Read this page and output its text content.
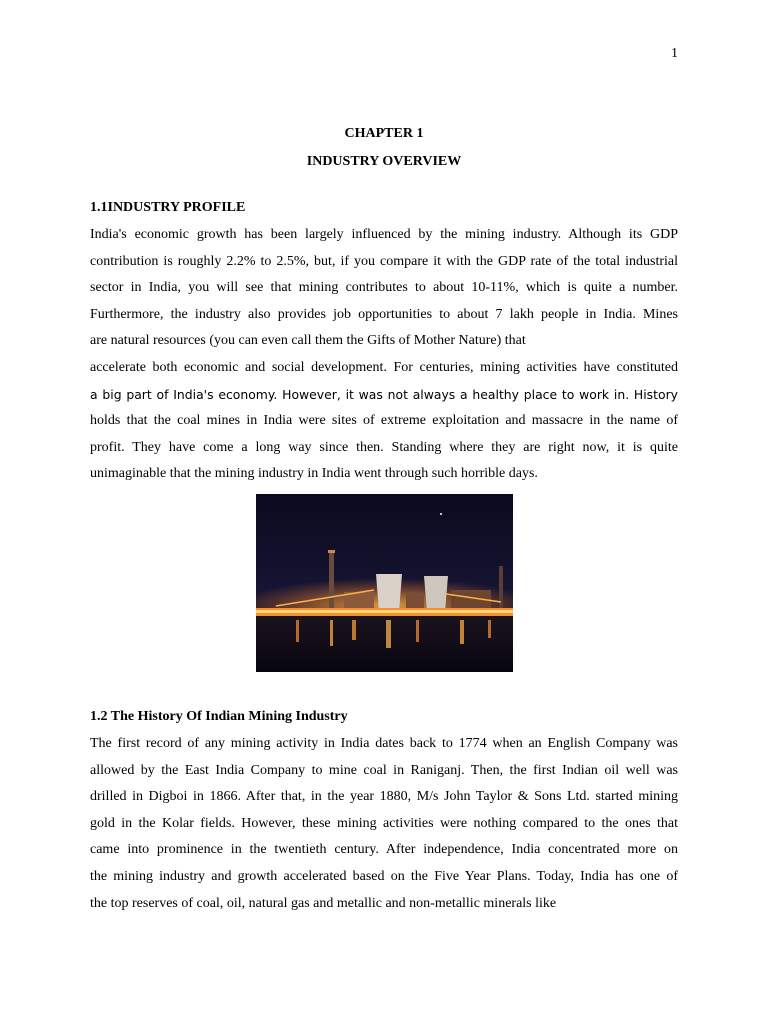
1
CHAPTER 1
INDUSTRY OVERVIEW
1.1INDUSTRY PROFILE
India's economic growth has been largely influenced by the mining industry. Although its GDP
contribution is roughly 2.2% to 2.5%, but, if you compare it with the GDP rate of the total industrial
sector in India, you will see that mining contributes to about 10-11%, which is quite a number.
Furthermore, the industry also provides job opportunities to about 7 lakh people in India. Mines
are natural resources (you can even call them the Gifts of Mother Nature) that
accelerate both economic and social development. For centuries, mining activities have constituted
a big part of India's economy. However, it was not always a healthy place to work in. History
holds that the coal mines in India were sites of extreme exploitation and massacre in the name of
profit. They have come a long way since then. Standing where they are right now, it is quite
unimaginable that the mining industry in India went through such horrible days.
1.2 The History Of Indian Mining Industry
The first record of any mining activity in India dates back to 1774 when an English Company was
allowed by the East India Company to mine coal in Raniganj. Then, the first Indian oil well was
drilled in Digboi in 1866. After that, in the year 1880, M/s John Taylor & Sons Ltd. started mining
gold in the Kolar fields. However, these mining activities were nothing compared to the ones that
came into prominence in the twentieth century. After independence, India concentrated more on
the mining industry and growth accelerated based on the Five Year Plans. Today, India has one of
the top reserves of coal, oil, natural gas and metallic and non-metallic minerals like
